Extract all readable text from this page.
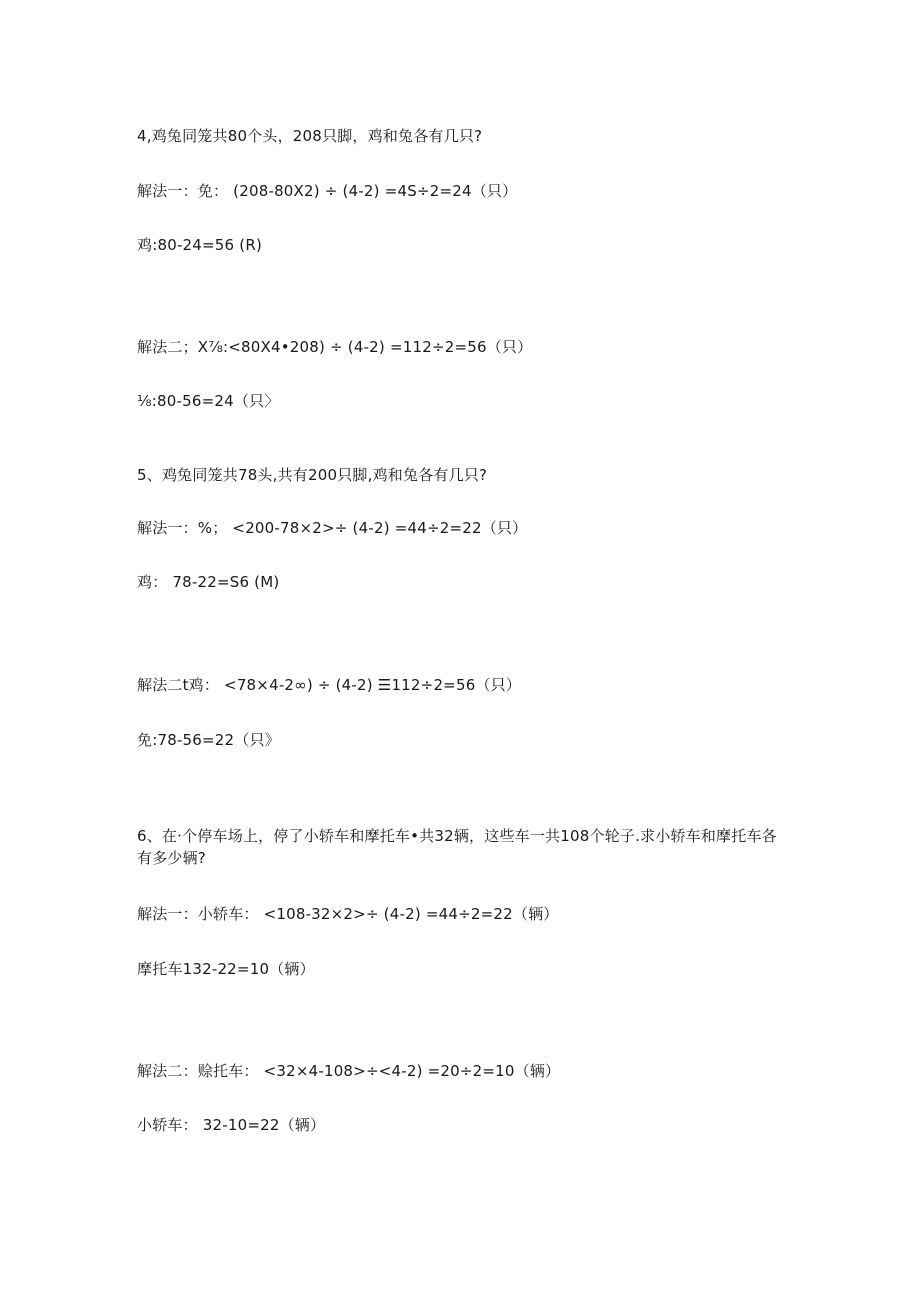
4,鸡兔同笼共80个头，208只脚，鸡和兔各有几只?
解法一：免： (208-80X2) ÷ (4-2) =4S÷2=24（只）
鸡:80-24=56 (R)
解法二；X⅞:<80X4•208) ÷ (4-2) =112÷2=56（只）
⅛:80-56=24（只〉
5、鸡兔同笼共78头,共有200只脚,鸡和兔各有几只?
解法一：%； <200-78×2>÷ (4-2) =44÷2=22（只）
鸡： 78-22=S6 (M)
解法二t鸡： <78×4-2∞) ÷ (4-2) ☰112÷2=56（只）
免:78-56=22（只》
6、在·个停车场上，停了小轿车和摩托车•共32辆，这些车一共108个轮子.求小轿车和摩托车各有多少辆?
解法一：小轿车： <108-32×2>÷ (4-2) =44÷2=22（辆）
摩托车132-22=10（辆）
解法二：赊托车： <32×4-108>÷<4-2) =20÷2=10（辆）
小轿车： 32-10=22（辆）
